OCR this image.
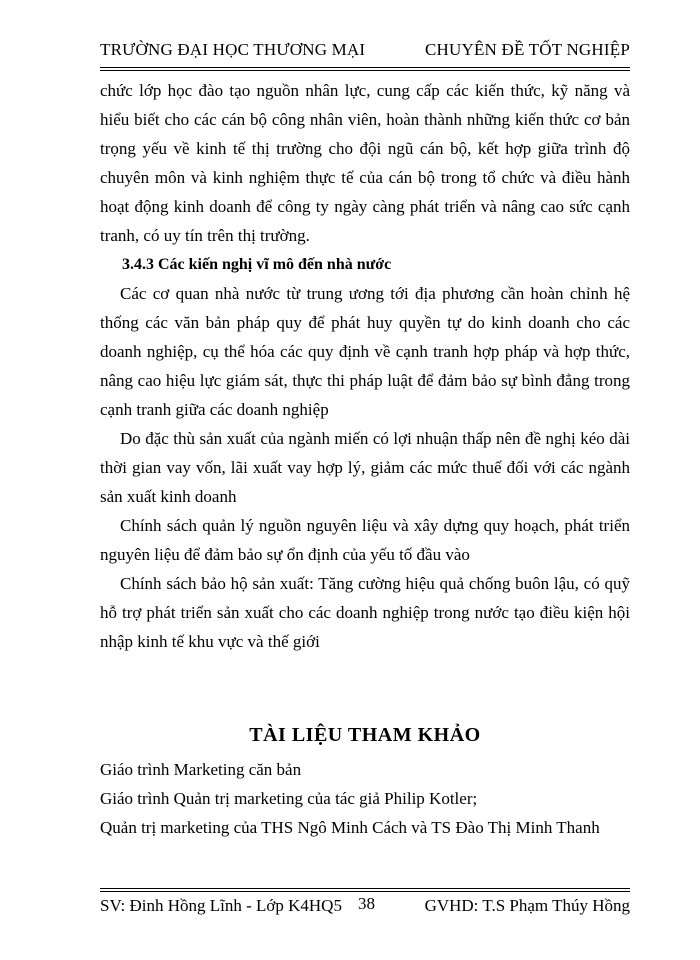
TRƯỜNG ĐẠI HỌC THƯƠNG MẠI	CHUYÊN ĐỀ TỐT NGHIỆP

chức lớp học đào tạo nguồn nhân lực, cung cấp các kiến thức, kỹ năng và hiểu biết cho các cán bộ công nhân viên, hoàn thành những kiến thức cơ bản trọng yếu về kinh tế thị trường cho đội ngũ cán bộ, kết hợp giữa trình độ chuyên môn và kinh nghiệm thực tế của cán bộ trong tổ chức và điều hành hoạt động kinh doanh để công ty ngày càng phát triển và nâng cao sức cạnh tranh, có uy tín trên thị trường.

3.4.3 Các kiến nghị vĩ mô đến nhà nước

Các cơ quan nhà nước từ trung ương tới địa phương cần hoàn chỉnh hệ thống các văn bản pháp quy để phát huy quyền tự do kinh doanh cho các doanh nghiệp, cụ thể hóa các quy định về cạnh tranh hợp pháp và hợp thức, nâng cao hiệu lực giám sát, thực thi pháp luật để đảm bảo sự bình đẳng trong cạnh tranh giữa các doanh nghiệp

Do đặc thù sản xuất của ngành miến có lợi nhuận thấp nên đề nghị kéo dài thời gian vay vốn, lãi xuất vay hợp lý, giảm các mức thuế đối với các ngành sản xuất kinh doanh

Chính sách quản lý nguồn nguyên liệu và xây dựng quy hoạch, phát triển nguyên liệu để đảm bảo sự ổn định của yếu tố đầu vào

Chính sách bảo hộ sản xuất: Tăng cường hiệu quả chống buôn lậu, có quỹ hỗ trợ phát triển sản xuất cho các doanh nghiệp trong nước tạo điều kiện hội nhập kinh tế khu vực và thế giới

TÀI LIỆU THAM KHẢO
Giáo trình Marketing căn bản
Giáo trình Quản trị marketing của tác giả Philip Kotler;
Quản trị marketing của THS Ngô Minh Cách và TS Đào Thị Minh Thanh
SV: Đinh Hồng Lĩnh - Lớp K4HQ5 38	GVHD: T.S Phạm Thúy Hồng
